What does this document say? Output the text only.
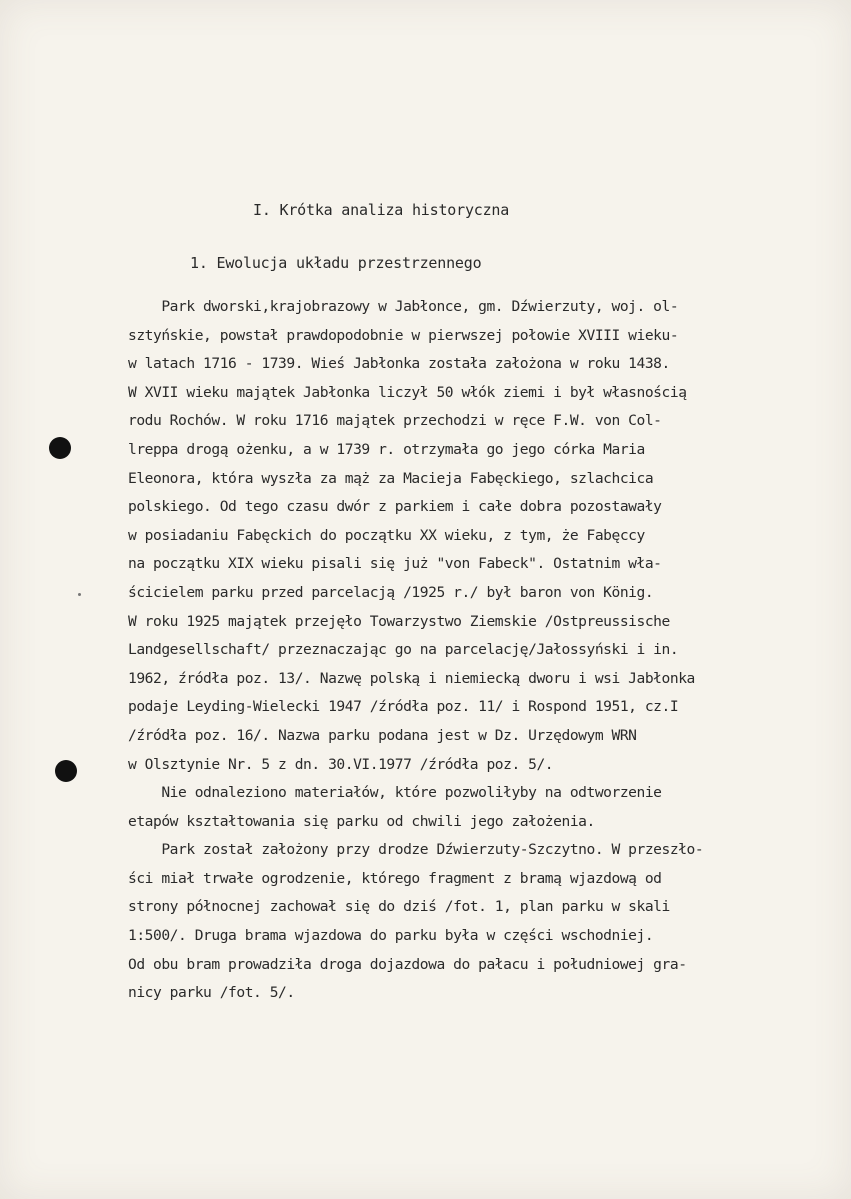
I. Krótka analiza historyczna
1. Ewolucja układu przestrzennego
Park dworski,krajobrazowy w Jabłonce, gm. Dźwierzuty, woj. ol-
sztyńskie, powstał prawdopodobnie w pierwszej połowie XVIII wieku-
w latach 1716 - 1739. Wieś Jabłonka została założona w roku 1438.
W XVII wieku majątek Jabłonka liczył 50 włók ziemi i był własnością
rodu Rochów. W roku 1716 majątek przechodzi w ręce F.W. von Col-
lreppa drogą ożenku, a w 1739 r. otrzymała go jego córka Maria
Eleonora, która wyszła za mąż za Macieja Fabęckiego, szlachcica
polskiego. Od tego czasu dwór z parkiem i całe dobra pozostawały
w posiadaniu Fabęckich do początku XX wieku, z tym, że Fabęccy
na początku XIX wieku pisali się już "von Fabeck". Ostatnim wła-
ścicielem parku przed parcelacją /1925 r./ był baron von König.
W roku 1925 majątek przejęło Towarzystwo Ziemskie /Ostpreussische
Landgesellschaft/ przeznaczając go na parcelację/Jałossyński i in.
1962, źródła poz. 13/. Nazwę polską i niemiecką dworu i wsi Jabłonka
podaje Leyding-Wielecki 1947 /źródła poz. 11/ i Rospond 1951, cz.I
/źródła poz. 16/. Nazwa parku podana jest w Dz. Urzędowym WRN
w Olsztynie Nr. 5 z dn. 30.VI.1977 /źródła poz. 5/.
Nie odnaleziono materiałów, które pozwoliłyby na odtworzenie
etapów kształtowania się parku od chwili jego założenia.
Park został założony przy drodze Dźwierzuty-Szczytno. W przeszło-
ści miał trwałe ogrodzenie, którego fragment z bramą wjazdową od
strony północnej zachował się do dziś /fot. 1, plan parku w skali
1:500/. Druga brama wjazdowa do parku była w części wschodniej.
Od obu bram prowadziła droga dojazdowa do pałacu i południowej gra-
nicy parku /fot. 5/.
